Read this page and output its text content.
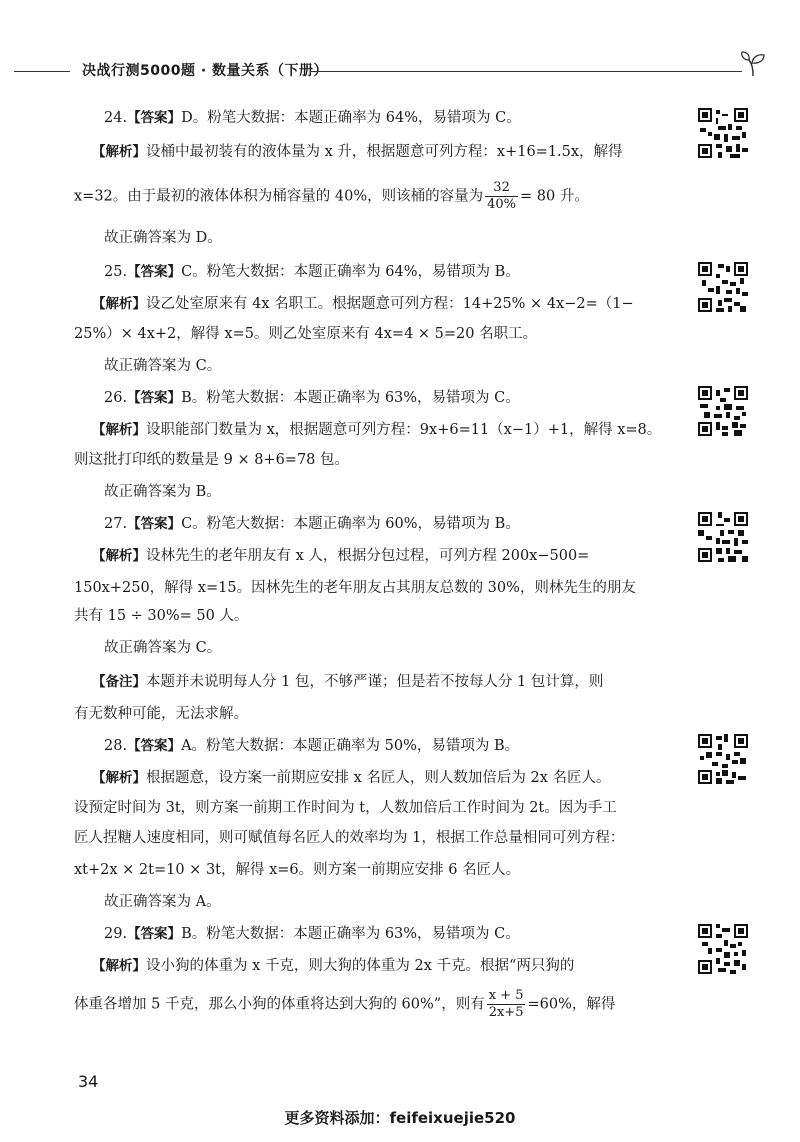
决战行测5000题 · 数量关系（下册）
24.【答案】D。粉笔大数据：本题正确率为 64%，易错项为 C。
【解析】设桶中最初装有的液体量为 x 升，根据题意可列方程：x+16=1.5x，解得
x=32。由于最初的液体体积为桶容量的 40%，则该桶的容量为 $\frac{32}{40\%} = 80$ 升。
故正确答案为 D。
25.【答案】C。粉笔大数据：本题正确率为 64%，易错项为 B。
【解析】设乙处室原来有 4x 名职工。根据题意可列方程：14+25% × 4x−2=（1−
25%）× 4x+2，解得 x=5。则乙处室原来有 4x=4 × 5=20 名职工。
故正确答案为 C。
26.【答案】B。粉笔大数据：本题正确率为 63%，易错项为 C。
【解析】设职能部门数量为 x，根据题意可列方程：9x+6=11（x−1）+1，解得 x=8。
则这批打印纸的数量是 9 × 8+6=78 包。
故正确答案为 B。
27.【答案】C。粉笔大数据：本题正确率为 60%，易错项为 B。
【解析】设林先生的老年朋友有 x 人，根据分包过程，可列方程 200x−500=
150x+250，解得 x=15。因林先生的老年朋友占其朋友总数的 30%，则林先生的朋友
共有 15 ÷ 30%= 50 人。
故正确答案为 C。
【备注】本题并未说明每人分 1 包，不够严谨；但是若不按每人分 1 包计算，则
有无数种可能，无法求解。
28.【答案】A。粉笔大数据：本题正确率为 50%，易错项为 B。
【解析】根据题意，设方案一前期应安排 x 名匠人，则人数加倍后为 2x 名匠人。
设预定时间为 3t，则方案一前期工作时间为 t，人数加倍后工作时间为 2t。因为手工
匠人捏糖人速度相同，则可赋值每名匠人的效率均为 1，根据工作总量相同可列方程：
xt+2x × 2t=10 × 3t，解得 x=6。则方案一前期应安排 6 名匠人。
故正确答案为 A。
29.【答案】B。粉笔大数据：本题正确率为 63%，易错项为 C。
【解析】设小狗的体重为 x 千克，则大狗的体重为 2x 千克。根据“两只狗的
体重各增加 5 千克，那么小狗的体重将达到大狗的 60%”，则有 $\frac{x + 5}{2x+5} =60\%$，解得
34
更多资料添加：feifeixuejie520
